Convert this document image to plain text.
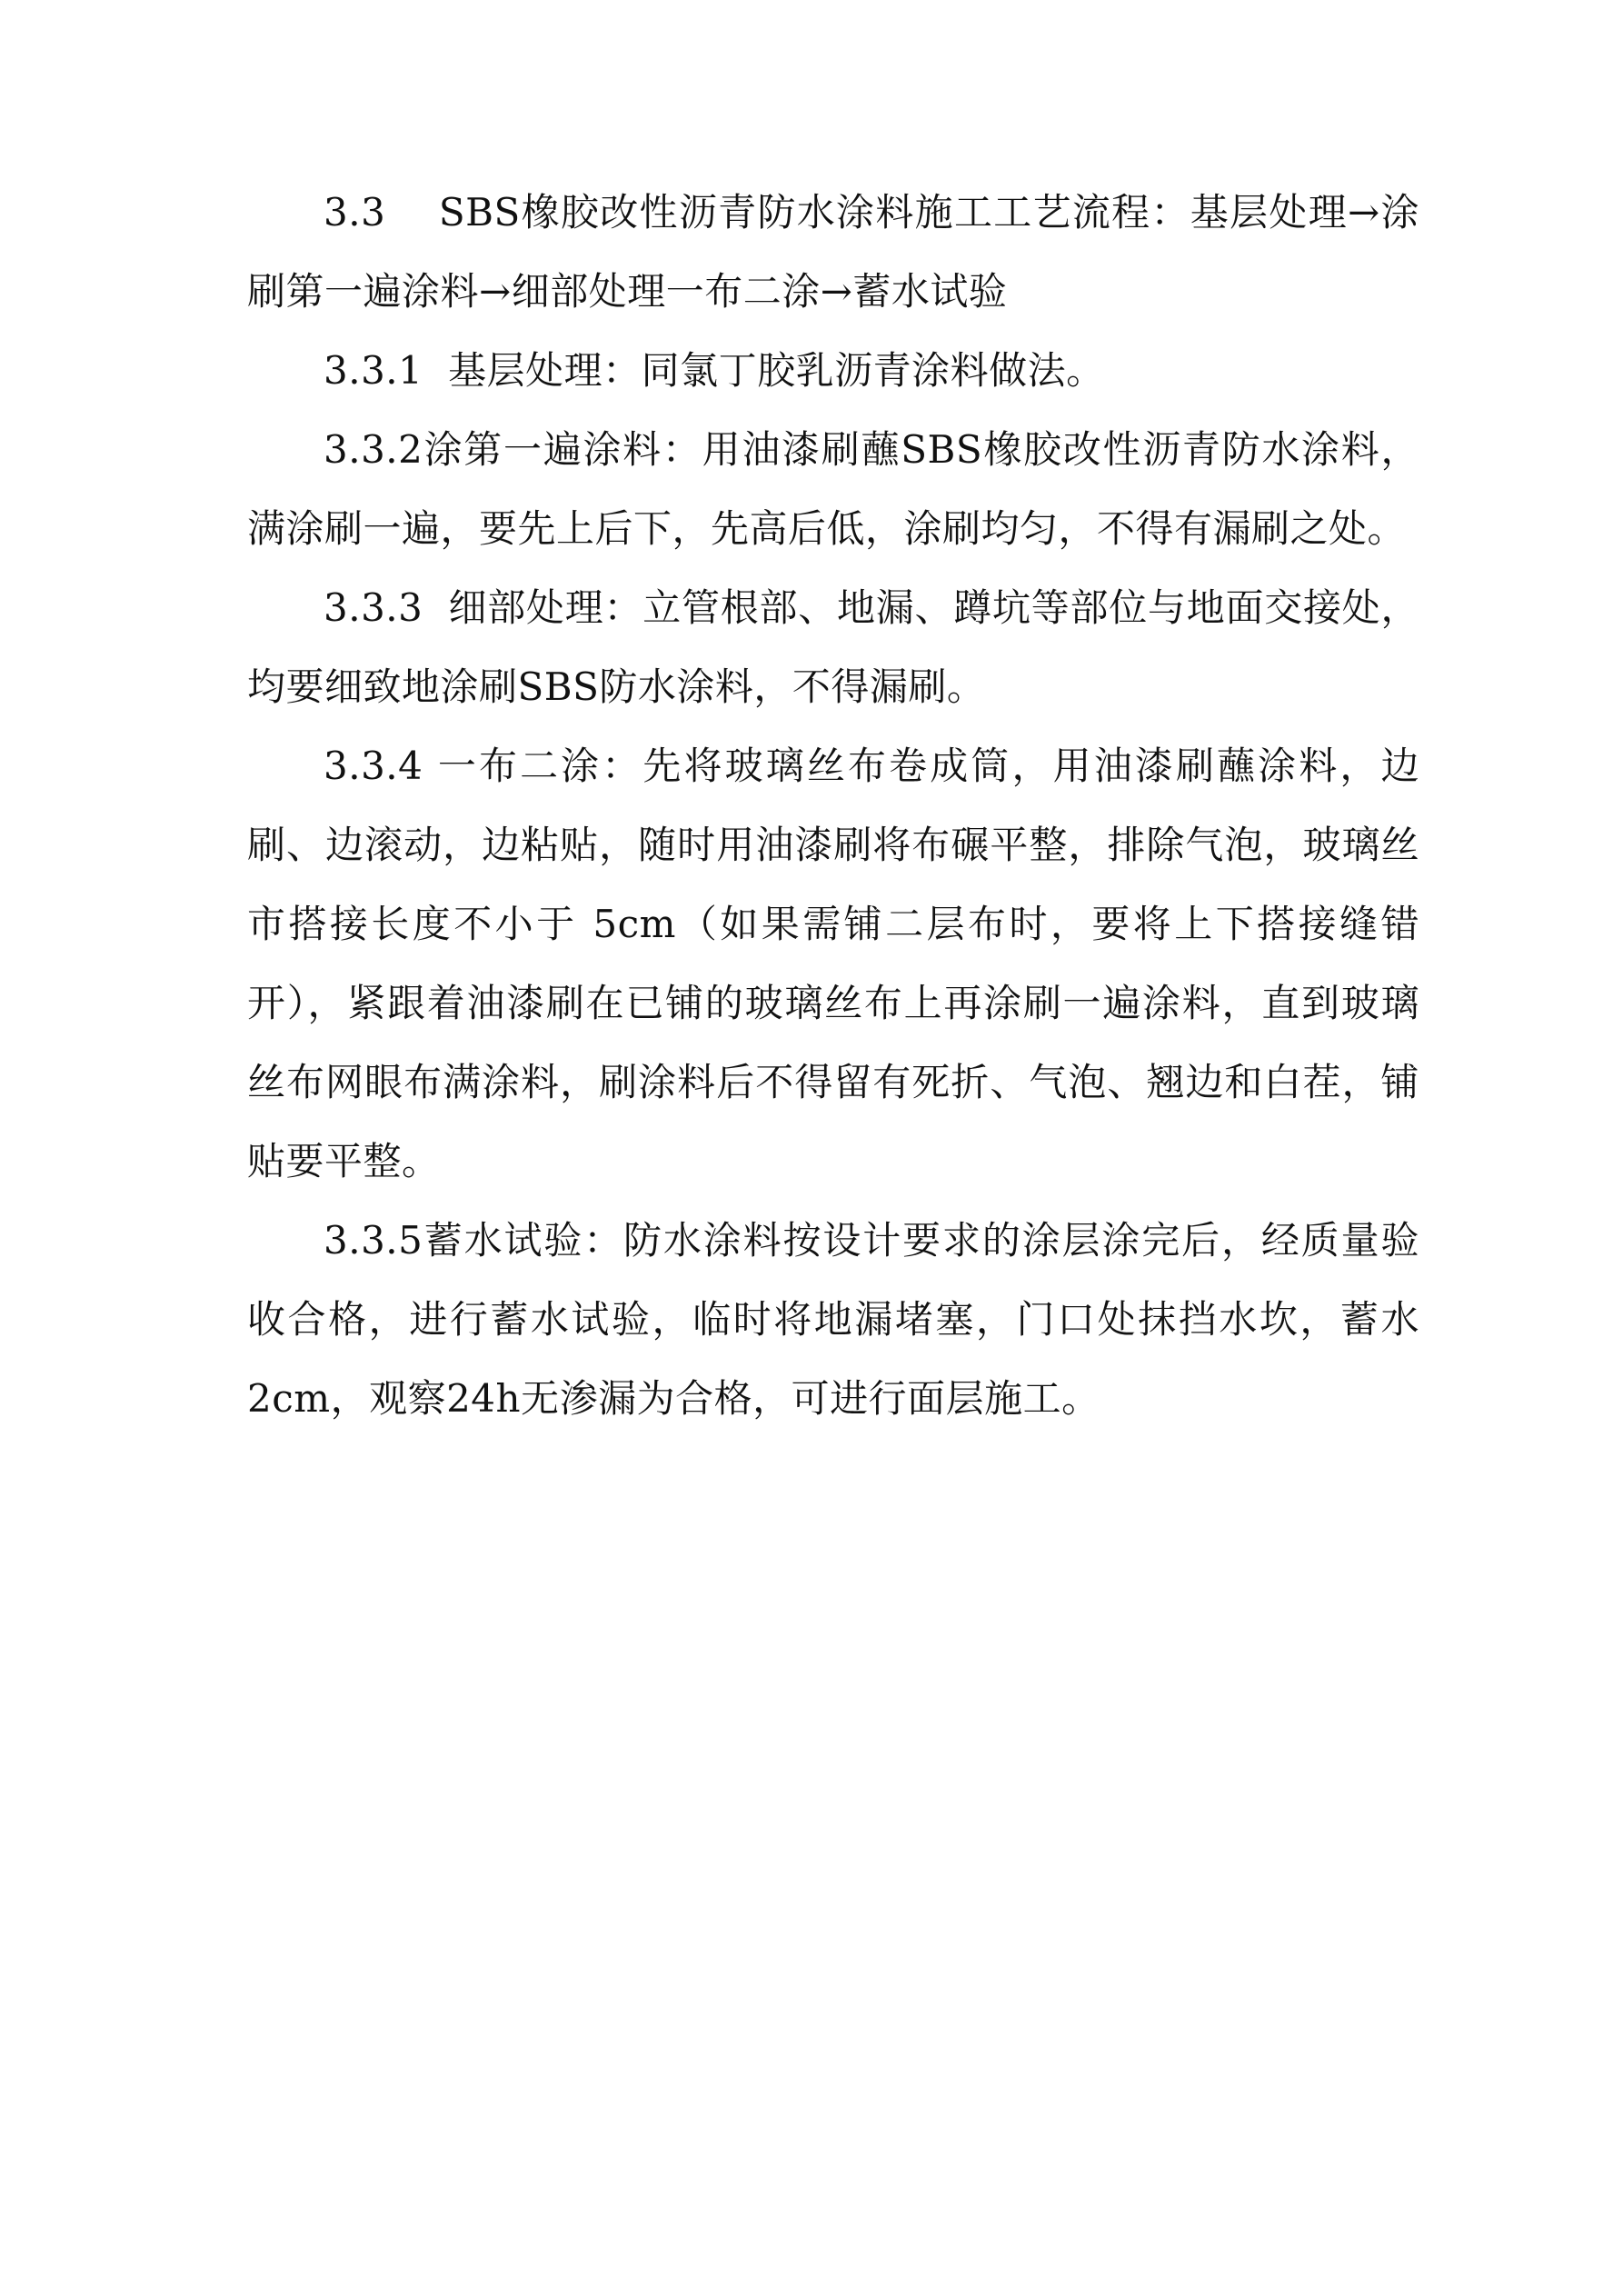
3.3    SBS橡胶改性沥青防水涂料施工工艺流程：基层处理→涂刷第一遍涂料→细部处理一布二涂→蓄水试验

3.3.1  基层处理：同氯丁胶乳沥青涂料做法。

3.3.2涂第一遍涂料：用油漆刷蘸SBS橡胶改性沥青防水涂料，满涂刷一遍，要先上后下，先高后低，涂刷均匀，不得有漏刷之处。

3.3.3  细部处理：立管根部、地漏、蹲坑等部位与地面交接处，均要细致地涂刷SBS防水涂料，不得漏刷。

3.3.4 一布二涂：先将玻璃丝布卷成筒，用油漆刷蘸涂料，边刷、边滚动，边粘贴，随时用油漆刷将布碾平整，排除气泡，玻璃丝市搭接长度不小于 5cm（如果需铺二层布时，要将上下搭接缝错开），紧跟着油漆刷在已铺的玻璃丝布上再涂刷一遍涂料，直到玻璃丝布网眼布满涂料，刷涂料后不得留有死折、气泡、翘边和白茬，铺贴要平整。

3.3.5蓄水试验：防水涂料按设计要求的涂层涂完后，经质量验收合格，进行蓄水试验，临时将地漏堵塞，门口处抹挡水坎，蓄水2cm，观察24h无渗漏为合格，可进行面层施工。
